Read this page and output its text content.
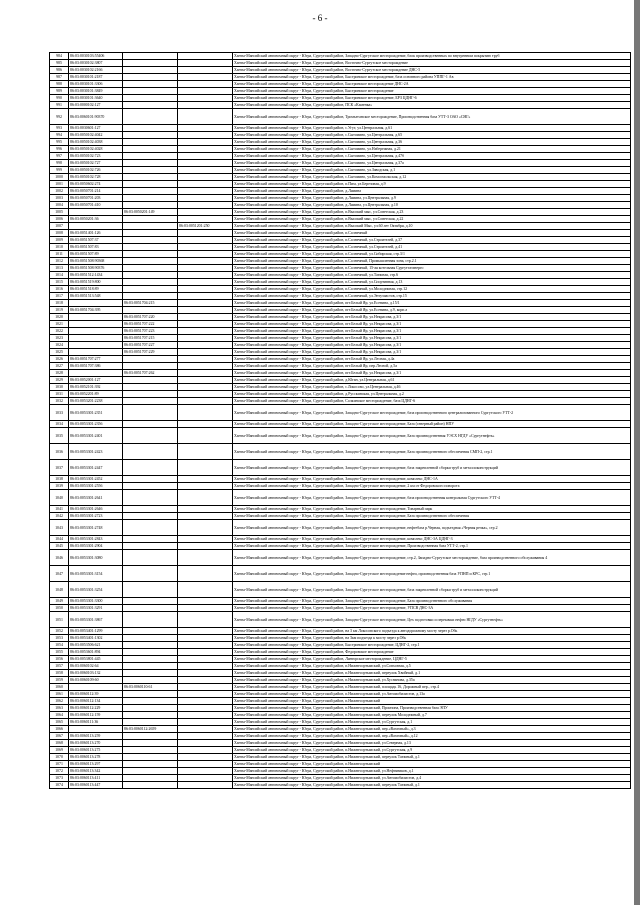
- 6 -
984	86:03:0030103:55406			Ханты-Мансийский автономный округ - Югра, Сургутский район, Западно-Сургутское месторождение, блок производственных по внутренним покрытию труб
985	86:03:0030102:3807			Ханты-Мансийский автономный округ - Югра, Сургутский район, Восточно-Сургутское месторождение
986	86:03:0030102:2166			Ханты-Мансийский автономный округ - Югра, Сургутский район, Восточно-Сургутское месторождение ДНС-5
987	86:03:0030101:2187			Ханты-Мансийский автономный округ - Югра, Сургутский район, Быстринское месторождение, база основного района УППГ-1 Ав
988	86:03:0030101:3306			Ханты-Мансийский автономный округ - Югра, Сургутский район, Быстринское месторождение ДНС-2А
989	86:03:0030101:3849			Ханты-Мансийский автономный округ - Югра, Сургутский район, Быстринское месторождение
990	86:03:0030101:3640			Ханты-Мансийский автономный округ - Югра, Сургутский район, Быстринское месторождение, БРЗ ЦДНГ-6
991	86:03:0000102:127			Ханты-Мансийский автономный округ - Югра, Сургутский район, ПСК «Каменка»
992	86:03:0060101:90370			Ханты-Мансийский автономный округ - Югра, Сургутский район, Тромъеганское месторождение, Производственная база УТТ-3 ОАО «СНГ»
993	86:03:0030601:127			Ханты-Мансийский автономный округ - Югра, Сургутский район, с.Угут, ул.Центральная, д.61
994	86:03:0050102:4042			Ханты-Мансийский автономный округ - Югра, Сургутский район, с.Сытомино, ул.Центральная, д.65
995	86:03:0050102:4038			Ханты-Мансийский автономный округ - Югра, Сургутский район, с.Сытомино, ул.Центральная, д.36
996	86:03:0050102:4028			Ханты-Мансийский автономный округ - Югра, Сургутский район, с.Сытомино, ул.Набережная, д.21
997	86:03:0050102:723			Ханты-Мансийский автономный округ - Югра, Сургутский район, с.Сытомино, ул.Центральная, д.47б
998	86:03:0050102:727			Ханты-Мансийский автономный округ - Югра, Сургутский район, с.Сытомино, ул.Центральная, д.37а
999	86:03:0050102:726			Ханты-Мансийский автономный округ - Югра, Сургутский район, с.Сытомино, ул.Заводская, д.1
1000	86:03:0050102:728			Ханты-Мансийский автономный округ - Югра, Сургутский район, с.Сытомино, ул.Комсомольская, д.12
1001	86:03:0050602:274			Ханты-Мансийский автономный округ - Югра, Сургутский район, п.Пим, ул.Березовая, д.9
1002	86:03:0050701:214			Ханты-Мансийский автономный округ - Югра, Сургутский район, д.Лямина
1003	86:03:0050701:203			Ханты-Мансийский автономный округ - Югра, Сургутский район, д.Лямина, ул.Центральная, д.9
1004	86:03:0050701:410			Ханты-Мансийский автономный округ - Югра, Сургутский район, д.Лямина, ул.Центральная, д.10
1005		86:03:0050201:149		Ханты-Мансийский автономный округ - Югра, Сургутский район, п.Высокий мыс, ул.Советская, д.23
1006	86:03:0050201:36			Ханты-Мансийский автономный округ - Югра, Сургутский район, п.Высокий мыс, ул.Советская, д.22
1007			86:03:0051201:250	Ханты-Мансийский автономный округ - Югра, Сургутский район, п.Высокий Мыс, ул.60 лет Октября, д.10
1008	86:03:0051401:126			Ханты-Мансийский автономный округ - Югра, Сургутский район, п.Солнечный
1009	86:03:0051507:37			Ханты-Мансийский автономный округ - Югра, Сургутский район, п.Солнечный, ул.Строителей, д.37
1010	86:03:0051507:83			Ханты-Мансийский автономный округ - Югра, Сургутский район, п.Солнечный, ул.Строителей, д.41
1011	86:03:0051507:89			Ханты-Мансийский автономный округ - Югра, Сургутский район, п.Солнечный, ул.Сибирская, стр.3/1
1012	86:03:0051508:90368			Ханты-Мансийский автономный округ - Югра, Сургутский район, п.Солнечный, Промышленная зона, стр.2.1
1013	86:03:0051508:90376			Ханты-Мансийский автономный округ - Югра, Сургутский район, п.Солнечный, 15-ая котельная Сургутгазэнерго
1014	86:03:0051512:1434			Ханты-Мансийский автономный округ - Югра, Сургутский район, п.Солнечный, ул.Таежная, стр.6
1015	86:03:0051519:800			Ханты-Мансийский автономный округ - Югра, Сургутский район, п.Солнечный, ул.Спортивная, д.13
1016	86:03:0051518:89			Ханты-Мансийский автономный округ - Югра, Сургутский район, п.Солнечный, ул.Молодежная, стр.12
1017	86:03:0051513:548			Ханты-Мансийский автономный округ - Югра, Сургутский район, п.Солнечный, ул.Энтузиастов, стр.15
1018		86:03:0051704:215		Ханты-Мансийский автономный округ - Югра, Сургутский район, пгт.Белый Яр, ул.Есенина, д.15/1
1019	86:03:0051704:395			Ханты-Мансийский автономный округ - Югра, Сургутский район, пгт.Белый Яр, ул.Есенина, д.9, корп.а
1020		86:03:0051707:220		Ханты-Мансийский автономный округ - Югра, Сургутский район, пгт.Белый Яр, ул.Некрасова, д.3/1
1021		86:03:0051707:222		Ханты-Мансийский автономный округ - Югра, Сургутский район, пгт.Белый Яр, ул.Некрасова, д.3/1
1022		86:03:0051707:223		Ханты-Мансийский автономный округ - Югра, Сургутский район, пгт.Белый Яр, ул.Некрасова, д.3/1
1023		86:03:0051707:215		Ханты-Мансийский автономный округ - Югра, Сургутский район, пгт.Белый Яр, ул.Некрасова, д.3/1
1024		86:03:0051707:227		Ханты-Мансийский автономный округ - Югра, Сургутский район, пгт.Белый Яр, ул.Некрасова, д.3/1
1025		86:03:0051707:229		Ханты-Мансийский автономный округ - Югра, Сургутский район, пгт.Белый Яр, ул.Некрасова, д.3/1
1026	86:03:0051707:277			Ханты-Мансийский автономный округ - Югра, Сургутский район, пгт.Белый Яр, ул.Лесная, д.4а
1027	86:03:0051707:386			Ханты-Мансийский автономный округ - Югра, Сургутский район, пгт.Белый Яр, пер.Лесной, д.5а
1028		86:03:0051707:262		Ханты-Мансийский автономный округ - Югра, Сургутский район, пгт.Белый Яр, ул.Некрасова, д.3/1
1029	86:03:0052001:127			Ханты-Мансийский автономный округ - Югра, Сургутский район, д.Юган, ул.Центральная, д.61
1030	86:03:0052101:392			Ханты-Мансийский автономный округ - Югра, Сургутский район, с.Локосово, ул.Центральная, д.46
1031	86:03:0052201:89			Ханты-Мансийский автономный округ - Югра, Сургутский район, д.Русскинская, ул.Центральная, д.2
1032	86:03:0053201:2238			Ханты-Мансийский автономный округ - Югра, Сургутский район, Солкинское месторождение, база ЦДНГ-6
1033	86:03:0053301:2351			Ханты-Мансийский автономный округ - Югра, Сургутский район, Западно-Сургутское месторождение, база производственного централизованного Сургутского УТТ-2
1034	86:03:0053301:2356			Ханты-Мансийский автономный округ - Югра, Сургутский район, Западно-Сургутское месторождение, База (северный район) НПУ
1035	86:03:0053301:2401			Ханты-Мансийский автономный округ - Югра, Сургутский район, Западно-Сургутское месторождение, База производственная УЭСХ НГДУ «Сургутнефть»
1036	86:03:0053301:2423			Ханты-Мансийский автономный округ - Югра, Сургутский район, Западно-Сургутское месторождение, База производственного обеспечения СМП-2, стр.1
1037	86:03:0053301:2447			Ханты-Мансийский автономный округ - Югра, Сургутский район, Западно-Сургутское месторождение, база закрепленной сборки труб и металлоконструкций
1038	86:03:0053301:2452			Ханты-Мансийский автономный округ - Югра, Сургутский район, Западно-Сургутское месторождение, комплекс ДНС-1А
1039	86:03:0053301:2556			Ханты-Мансийский автономный округ - Югра, Сургутский район, Западно-Сургутское месторождение, 2 км от Федоровского поворота
1040	86:03:0053301:2641			Ханты-Мансийский автономный округ - Югра, Сургутский район, Западно-Сургутское месторождение, база производственная контрольная Сургутского УТТ-4
1041	86:03:0053301:2646			Ханты-Мансийский автономный округ - Югра, Сургутский район, Западно-Сургутское месторождение, Товарный парк
1042	86:03:0053301:2723			Ханты-Мансийский автономный округ - Югра, Сургутский район, Западно-Сургутское месторождение, База производственного обеспечения
1043	86:03:0053301:2748			Ханты-Мансийский автономный округ - Югра, Сургутский район, Западно-Сургутское месторождение, нефтебаза р.Черная, подъездная «Черная речка», стр.2
1044	86:03:0053301:2843			Ханты-Мансийский автономный округ - Югра, Сургутский район, Западно-Сургутское месторождение, комплекс ДНС-3А ЦДНГ-3
1045	86:03:0053301:2904			Ханты-Мансийский автономный округ - Югра, Сургутский район, Западно-Сургутское месторождение, Производственная база УТТ-2, стр.1
1046	86:03:0053301:3080			Ханты-Мансийский автономный округ - Югра, Сургутский район, Западно-Сургутское месторождение, стр.2, Западно-Сургутское месторождение, база производственного обслуживания 4
1047	86:03:0053301:3154			Ханты-Мансийский автономный округ - Югра, Сургутский район, Западно-Сургутское месторождение нефти, производственная база УПНП и КРС, стр.1
1048	86:03:0053301:3254			Ханты-Мансийский автономный округ - Югра, Сургутский район, Западно-Сургутское месторождение, база закрепленной сборки труб и металлоконструкций
1049	86:03:0053301:3300			Ханты-Мансийский автономный округ - Югра, Сургутский район, Западно-Сургутское месторождение, База производственного обслуживания
1050	86:03:0053301:3291			Ханты-Мансийский автономный округ - Югра, Сургутский район, Западно-Сургутское месторождение, УПСВ ДНС-3А
1051	86:03:0053301:3867			Ханты-Мансийский автономный округ - Югра, Сургутский район, Западно-Сургутское месторождение, Цех подготовки и перекачки нефти НГДУ «Сургутнефть»
1052	86:03:0053401:1299			Ханты-Мансийский автономный округ - Югра, Сургутский район, на 3 км Локосовского подъезда к автодорожному мосту через р.Обь
1053	86:03:0053401:1302			Ханты-Мансийский автономный округ - Югра, Сургутский район, на 3км подъезда к мосту через р.Обь
1054	86:03:0053506:621			Ханты-Мансийский автономный округ - Югра, Сургутский район, Быстринское месторождение, ЦДНГ-2, стр.1
1055	86:03:0053601:894			Ханты-Мансийский автономный округ - Югра, Сургутский район, Федоровское месторождение
1056	86:03:0053801:445			Ханты-Мансийский автономный округ - Югра, Сургутский район, Лянторское месторождение, ЦДНГ-5
1057	86:03:0060102:64			Ханты-Мансийский автономный округ - Югра, Сургутский район, п.Нижнесортымский, ул.Совхозная, д.5
1058	86:03:0060103:132			Ханты-Мансийский автономный округ - Югра, Сургутский район, п.Нижнесортымский, переулок Хвойный, д.1
1059	86:03:0060109:60			Ханты-Мансийский автономный округ - Югра, Сургутский район, п.Нижнесортымский, ул.Хуснанова, д.35а
1060		86:03:0060110:61		Ханты-Мансийский автономный округ - Югра, Сургутский район, п.Нижнесортымский, площадь 16, Дорожный пер., стр.4
1061	86:03:0060112:39			Ханты-Мансийский автономный округ - Югра, Сургутский район, п.Нижнесортымский, ул.Автомобилистов, д.13а
1062	86:03:0060112:134			Ханты-Мансийский автономный округ - Югра, Сургутский район, п.Нижнесортымский
1063	86:03:0060112:229			Ханты-Мансийский автономный округ - Югра, Сургутский район, п.Нижнесортымский, Промзона, Производственная база ЭПУ
1064	86:03:0060112:159			Ханты-Мансийский автономный округ - Югра, Сургутский район, п.Нижнесортымский, переулок Молодежный, д.7
1065	86:03:0060111:36			Ханты-Мансийский автономный округ - Югра, Сургутский район, п.Нижнесортымский, ул.Сургутская, д.1
1066		86:03:0060112:2659		Ханты-Мансийский автономный округ - Югра, Сургутский район, п.Нижнесортымский, пер.«Вахтовый», д.3
1067	86:03:0060113:259			Ханты-Мансийский автономный округ - Югра, Сургутский район, п.Нижнесортымский, пер.«Вахтовый», д.12
1068	86:03:0060113:270			Ханты-Мансийский автономный округ - Югра, Сургутский район, п.Нижнесортымский, ул.Северная, д.13
1069	86:03:0060113:275			Ханты-Мансийский автономный округ - Югра, Сургутский район, п.Нижнесортымский, ул.Сургутская, д.9
1070	86:03:0060113:278			Ханты-Мансийский автономный округ - Югра, Сургутский район, п.Нижнесортымский, переулок Таежный, д.1
1071	86:03:0060113:297			Ханты-Мансийский автономный округ - Югра, Сургутский район, п.Нижнесортымский
1072	86:03:0060113:342			Ханты-Мансийский автономный округ - Югра, Сургутский район, п.Нижнесортымский, ул.Нефтяников, д.1
1073	86:03:0060113:411			Ханты-Мансийский автономный округ - Югра, Сургутский район, п.Нижнесортымский, ул.Автомобилистов, д.4
1074	86:03:0060113:447			Ханты-Мансийский автономный округ - Югра, Сургутский район, п.Нижнесортымский, переулок Таежный, д.1
